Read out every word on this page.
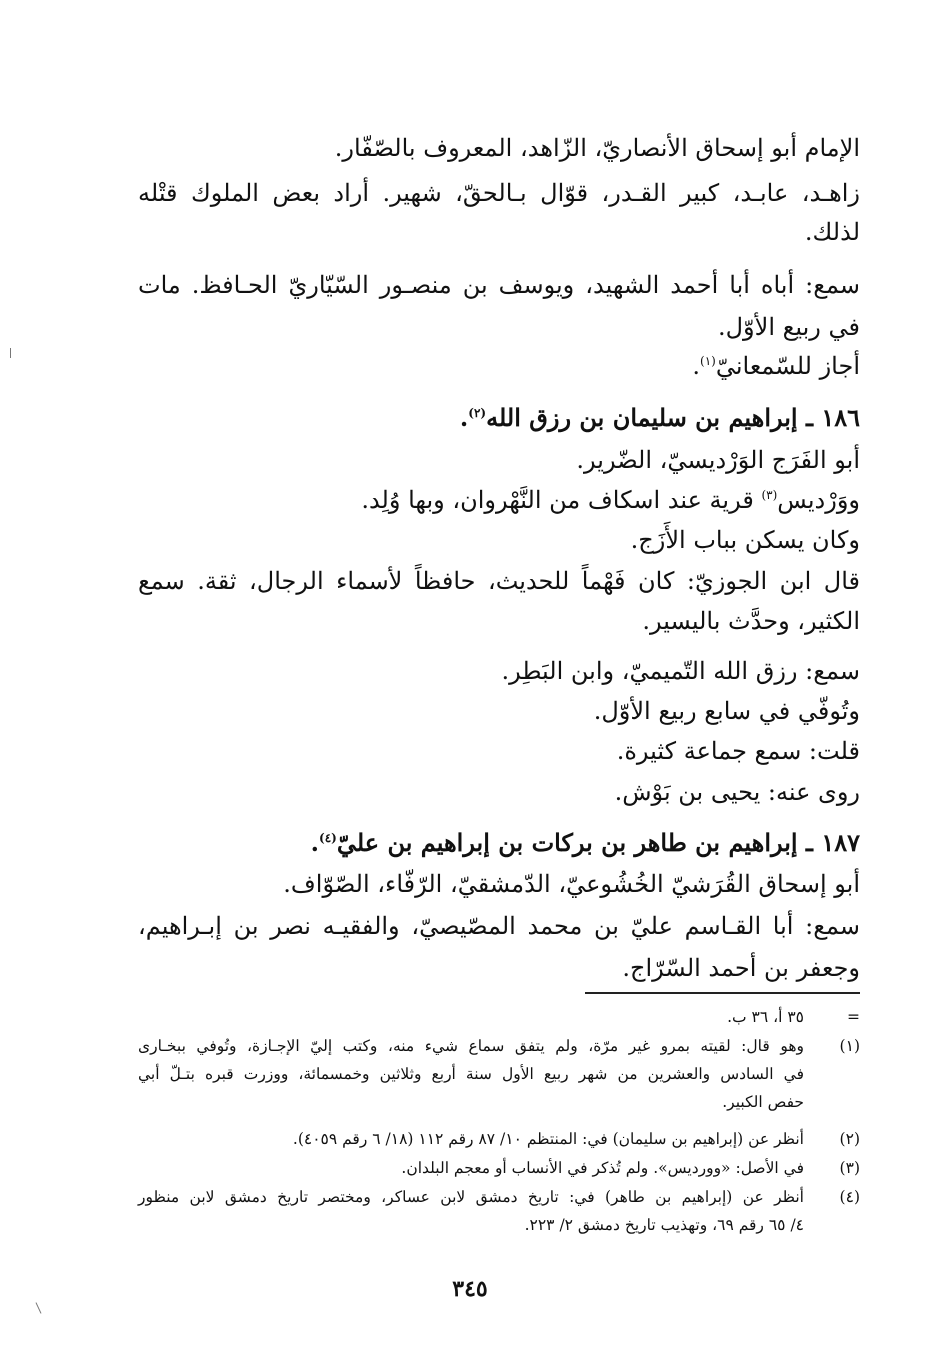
الإمام أبو إسحاق الأنصاريّ، الزّاهد، المعروف بالصّفّار.
زاهـد، عابـد، كبير القـدر، قوّال بـالحقّ، شهير. أراد بعض الملوك قتْله
لذلك.
سمع: أباه أبا أحمد الشهيد، ويوسف بن منصـور السّيّاريّ الحـافظ. مات
في ربيع الأوّل.
أجاز للسّمعانيّ$^{(١)}$.
١٨٦ ـ إبراهيم بن سليمان بن رزق الله$^{(٢)}$.
أبو الفَرَج الوَرْديسيّ، الضّرير.
ووَرْديس$^{(٣)}$ قرية عند اسكاف من النَّهْروان، وبها وُلِد.
وكان يسكن بباب الأَزَج.
قال ابن الجوزيّ: كان فَهْماً للحديث، حافظاً لأسماء الرجال، ثقة. سمع
الكثير، وحدَّث باليسير.
سمع: رزق الله التّميميّ، وابن البَطِر.
وتُوفّي في سابع ربيع الأوّل.
قلت: سمع جماعة كثيرة.
روى عنه: يحيى بن بَوْش.
١٨٧ ـ إبراهيم بن طاهر بن بركات بن إبراهيم بن عليّ$^{(٤)}$.
أبو إسحاق القُرَشيّ الخُشُوعيّ، الدّمشقيّ، الرّفّاء، الصّوّاف.
سمع: أبا القـاسم عليّ بن محمد المصّيصيّ، والفقيـه نصر بن إبـراهيم،
وجعفر بن أحمد السّرّاج.
=
٣٥ أ، ٣٦ ب.
(١)
وهو قال: لقيته بمرو غير مرّة، ولم يتفق سماع شيء منه، وكتب إليّ الإجـازة، وتُوفي ببخـارى
في السادس والعشرين من شهر ربيع الأول سنة أربع وثلاثين وخمسمائة، ووزرت قبره بتـلّ أبي
حفص الكبير.
(٢)
أنظر عن (إبراهيم بن سليمان) في: المنتظم ١٠/ ٨٧ رقم ١١٢ (١٨/ ٦ رقم ٤٠٥٩).
(٣)
في الأصل: «وورديس». ولم تُذكر في الأنساب أو معجم البلدان.
(٤)
أنظر عن (إبراهيم بن طاهر) في: تاريخ دمشق لابن عساكر، ومختصر تاريخ دمشق لابن منظور
٤/ ٦٥ رقم ٦٩، وتهذيب تاريخ دمشق ٢/ ٢٢٣.
٣٤٥
